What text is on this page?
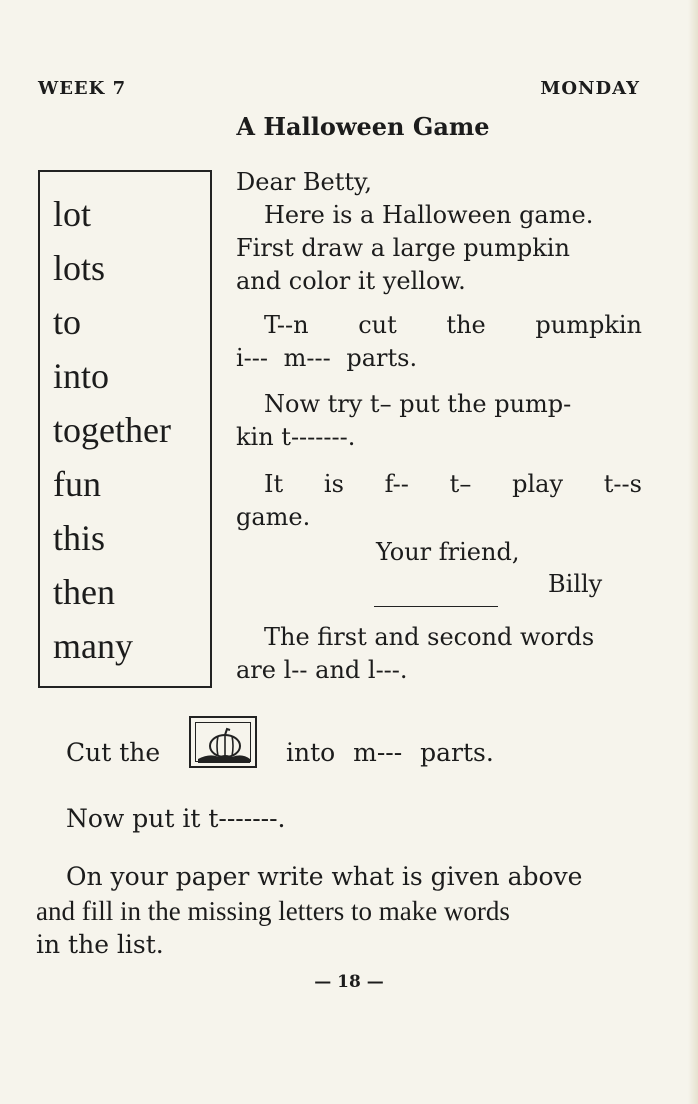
WEEK 7	MONDAY
A Halloween Game
lot
lots
to
into
together
fun
this
then
many
Dear Betty,
Here is a Halloween game.
First draw a large pumpkin
and color it yellow.
T--n cut the pumpkin
i--- m--- parts.
Now try t– put the pump-
kin t-------.
It is f-- t– play t--s
game.
Your friend,
Billy
The first and second words
are l-- and l---.
Cut the	into m--- parts.
Now put it t-------.
On your paper write what is given above
and fill in the missing letters to make words
in the list.
— 18 —
